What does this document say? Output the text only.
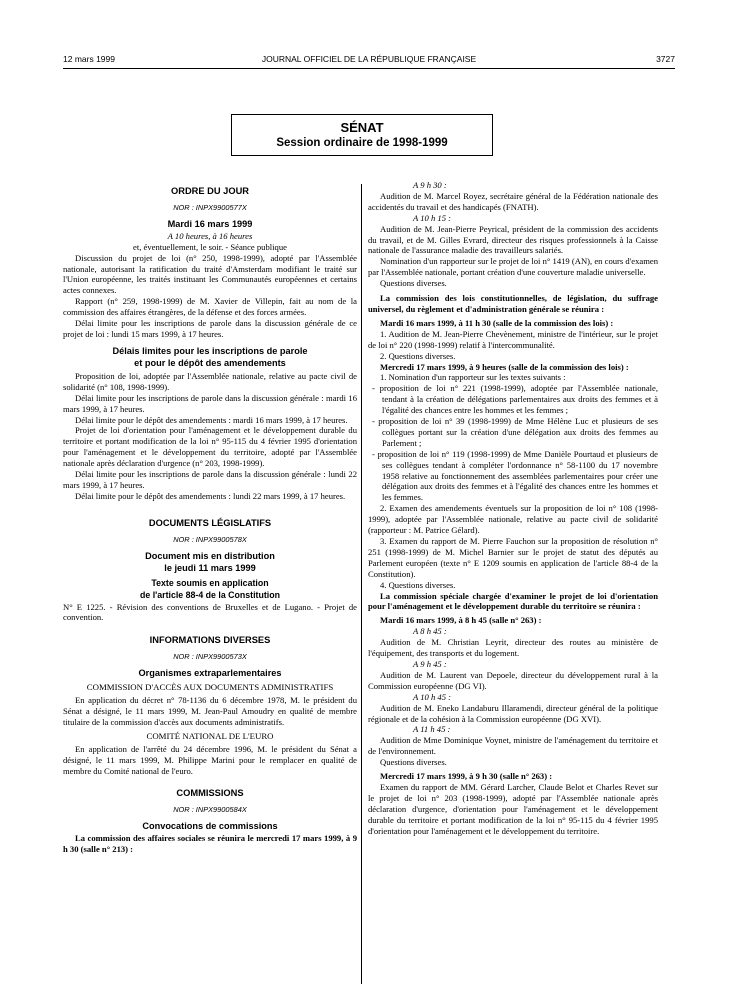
12 mars 1999	JOURNAL OFFICIEL DE LA RÉPUBLIQUE FRANÇAISE	3727
SÉNAT
Session ordinaire de 1998-1999
ORDRE DU JOUR
NOR : INPX9900577X
Mardi 16 mars 1999

A 10 heures, à 16 heures

et, éventuellement, le soir. - Séance publique

Discussion du projet de loi (n° 250, 1998-1999), adopté par l'Assemblée nationale, autorisant la ratification du traité d'Amsterdam modifiant le traité sur l'Union européenne, les traités instituant les Communautés européennes et certains actes connexes.

Rapport (n° 259, 1998-1999) de M. Xavier de Villepin, fait au nom de la commission des affaires étrangères, de la défense et des forces armées.

Délai limite pour les inscriptions de parole dans la discussion générale de ce projet de loi : lundi 15 mars 1999, à 17 heures.

Délais limites pour les inscriptions de parole
et pour le dépôt des amendements

Proposition de loi, adoptée par l'Assemblée nationale, relative au pacte civil de solidarité (n° 108, 1998-1999).

Délai limite pour les inscriptions de parole dans la discussion générale : mardi 16 mars 1999, à 17 heures.

Délai limite pour le dépôt des amendements : mardi 16 mars 1999, à 17 heures.

Projet de loi d'orientation pour l'aménagement et le développement durable du territoire et portant modification de la loi n° 95-115 du 4 février 1995 d'orientation pour l'aménagement et le développement du territoire, adopté par l'Assemblée nationale après déclaration d'urgence (n° 203, 1998-1999).

Délai limite pour les inscriptions de parole dans la discussion générale : lundi 22 mars 1999, à 17 heures.

Délai limite pour le dépôt des amendements : lundi 22 mars 1999, à 17 heures.

DOCUMENTS LÉGISLATIFS
NOR : INPX9900578X
Document mis en distribution
le jeudi 11 mars 1999
Texte soumis en application
de l'article 88-4 de la Constitution

N° E 1225. - Révision des conventions de Bruxelles et de Lugano. - Projet de convention.

INFORMATIONS DIVERSES
NOR : INPX9900573X
Organismes extraparlementaires
COMMISSION D'ACCÈS AUX DOCUMENTS ADMINISTRATIFS

En application du décret n° 78-1136 du 6 décembre 1978, M. le président du Sénat a désigné, le 11 mars 1999, M. Jean-Paul Amoudry en qualité de membre titulaire de la commission d'accès aux documents administratifs.

COMITÉ NATIONAL DE L'EURO

En application de l'arrêté du 24 décembre 1996, M. le président du Sénat a désigné, le 11 mars 1999, M. Philippe Marini pour le remplacer en qualité de membre du Comité national de l'euro.

COMMISSIONS
NOR : INPX9900584X
Convocations de commissions

La commission des affaires sociales se réunira le mercredi 17 mars 1999, à 9 h 30 (salle n° 213) :

A 9 h 30 :

Audition de M. Marcel Royez, secrétaire général de la Fédération nationale des accidentés du travail et des handicapés (FNATH).

A 10 h 15 :

Audition de M. Jean-Pierre Peyrical, président de la commission des accidents du travail, et de M. Gilles Evrard, directeur des risques professionnels à la Caisse nationale de l'assurance maladie des travailleurs salariés.

Nomination d'un rapporteur sur le projet de loi n° 1419 (AN), en cours d'examen par l'Assemblée nationale, portant création d'une couverture maladie universelle.

Questions diverses.

La commission des lois constitutionnelles, de législation, du suffrage universel, du règlement et d'administration générale se réunira :

Mardi 16 mars 1999, à 11 h 30 (salle de la commission des lois) :

1. Audition de M. Jean-Pierre Chevènement, ministre de l'intérieur, sur le projet de loi n° 220 (1998-1999) relatif à l'intercommunalité.

2. Questions diverses.

Mercredi 17 mars 1999, à 9 heures (salle de la commission des lois) :

1. Nomination d'un rapporteur sur les textes suivants :

- proposition de loi n° 221 (1998-1999), adoptée par l'Assemblée nationale, tendant à la création de délégations parlementaires aux droits des femmes et à l'égalité des chances entre les hommes et les femmes ;

- proposition de loi n° 39 (1998-1999) de Mme Hélène Luc et plusieurs de ses collègues portant sur la création d'une délégation aux droits des femmes au Parlement ;

- proposition de loi n° 119 (1998-1999) de Mme Danièle Pourtaud et plusieurs de ses collègues tendant à compléter l'ordonnance n° 58-1100 du 17 novembre 1958 relative au fonctionnement des assemblées parlementaires pour créer une délégation aux droits des femmes et à l'égalité des chances entre les hommes et les femmes.

2. Examen des amendements éventuels sur la proposition de loi n° 108 (1998-1999), adoptée par l'Assemblée nationale, relative au pacte civil de solidarité (rapporteur : M. Patrice Gélard).

3. Examen du rapport de M. Pierre Fauchon sur la proposition de résolution n° 251 (1998-1999) de M. Michel Barnier sur le projet de statut des députés au Parlement européen (texte n° E 1209 soumis en application de l'article 88-4 de la Constitution).

4. Questions diverses.

La commission spéciale chargée d'examiner le projet de loi d'orientation pour l'aménagement et le développement durable du territoire se réunira :

Mardi 16 mars 1999, à 8 h 45 (salle n° 263) :

A 8 h 45 :

Audition de M. Christian Leyrit, directeur des routes au ministère de l'équipement, des transports et du logement.

A 9 h 45 :

Audition de M. Laurent van Depoele, directeur du développement rural à la Commission européenne (DG VI).

A 10 h 45 :

Audition de M. Eneko Landaburu Illaramendi, directeur général de la politique régionale et de la cohésion à la Commission européenne (DG XVI).

A 11 h 45 :

Audition de Mme Dominique Voynet, ministre de l'aménagement du territoire et de l'environnement.

Questions diverses.

Mercredi 17 mars 1999, à 9 h 30 (salle n° 263) :

Examen du rapport de MM. Gérard Larcher, Claude Belot et Charles Revet sur le projet de loi n° 203 (1998-1999), adopté par l'Assemblée nationale après déclaration d'urgence, d'orientation pour l'aménagement et le développement durable du territoire et portant modification de la loi n° 95-115 du 4 février 1995 d'orientation pour l'aménagement et le développement du territoire.
